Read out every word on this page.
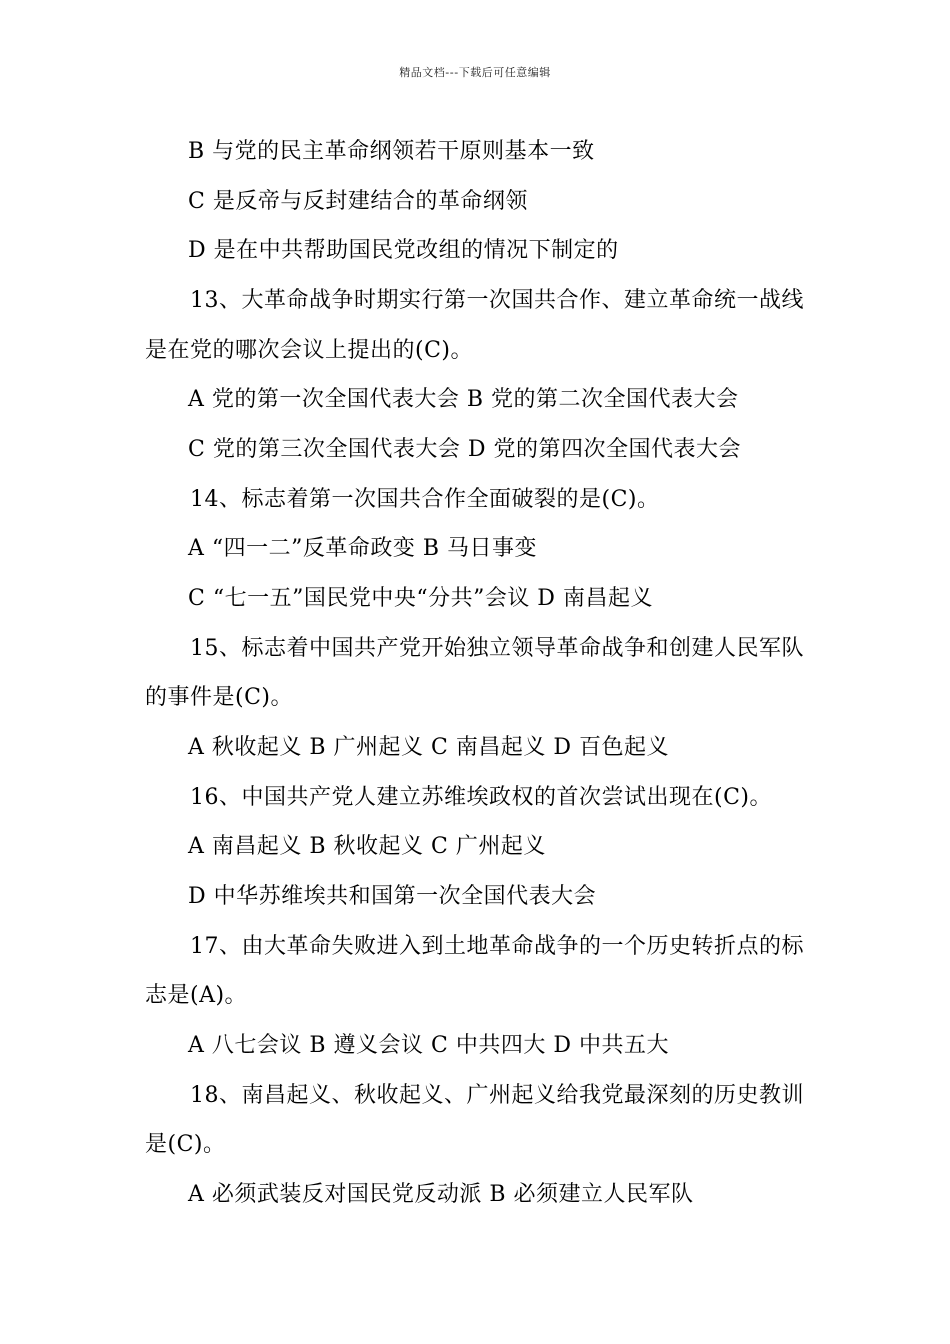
精品文档---下载后可任意编辑
B 与党的民主革命纲领若干原则基本一致
C 是反帝与反封建结合的革命纲领
D 是在中共帮助国民党改组的情况下制定的
13、大革命战争时期实行第一次国共合作、建立革命统一战线
是在党的哪次会议上提出的(C)。
A 党的第一次全国代表大会 B 党的第二次全国代表大会
C 党的第三次全国代表大会 D 党的第四次全国代表大会
14、标志着第一次国共合作全面破裂的是(C)。
A “四一二”反革命政变 B 马日事变
C “七一五”国民党中央“分共”会议 D 南昌起义
15、标志着中国共产党开始独立领导革命战争和创建人民军队
的事件是(C)。
A 秋收起义 B 广州起义 C 南昌起义 D 百色起义
16、中国共产党人建立苏维埃政权的首次尝试出现在(C)。
A 南昌起义 B 秋收起义 C 广州起义
D 中华苏维埃共和国第一次全国代表大会
17、由大革命失败进入到土地革命战争的一个历史转折点的标
志是(A)。
A 八七会议 B 遵义会议 C 中共四大 D 中共五大
18、南昌起义、秋收起义、广州起义给我党最深刻的历史教训
是(C)。
A 必须武装反对国民党反动派 B 必须建立人民军队
